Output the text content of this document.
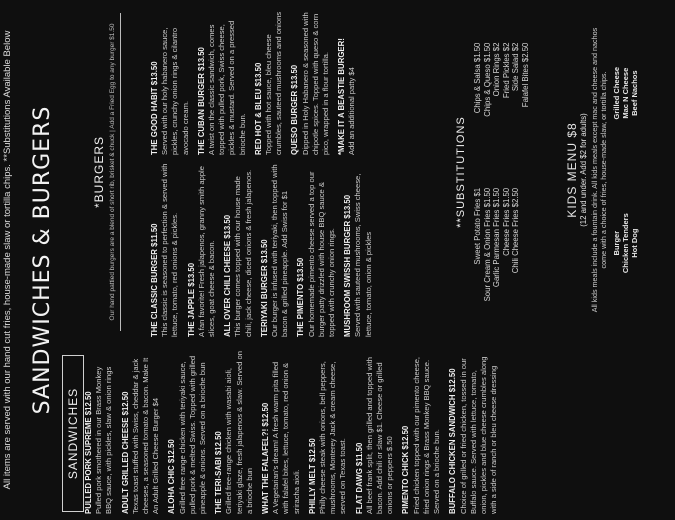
All items are served with our hand cut fries, house-made slaw or tortilla chips. **Substitutions Available Below SANDWICHES & BURGERS
SANDWICHES PULLED PORK SUPREME $12.50 Pulled pork smothered in our Brass Monkey BBQ sauce, with pickles, slaw & onion rings ADULT GRILLED CHEESE $12.50 Texas toast stuffed with Swiss, cheddar & jack cheeses, a seasoned tomato & bacon. Make It An Adult Grilled Cheese Burger $4 ALOHA CHIC $12.50 Grilled free range chicken with teriyaki sauce, pulled pork & melted Swiss. Topped with grilled pineapple & onions. Served on a brioche bun THE TERI-SABI $12.50 Grilled free-range chicken with wasabi aioli, teriyaki glaze, fresh jalapenos & slaw. Served on a brioche bun WHAT THE FALAFEL?! $12.50 A Vegetarian's dream! A fresh warm pita filled with falafel bites, lettuce, tomato, red onion & sriracha aioli. PHILLY MELT $12.50 Philly cheese steak with onions, bell peppers, mushrooms, Monterey Jack & cream cheese, served on Texas toast. FLAT DAWG $11.50 All beef frank split, then grilled and topped with bacon. Add chili or slaw $1. Cheese or grilled onions or peppers $.50 PIMENTO CHICK $12.50 Fried chicken topped with our pimento cheese, fried onion rings & Brass Monkey BBQ sauce. Served on a brioche bun. BUFFALO CHICKEN SANDWICH $12.50 Choice of grilled or fried chicken, tossed in our Buffalo sauce. Served with lettuce, tomato, onion, pickles and blue cheese crumbles along with a side of ranch or bleu cheese dressing
*BURGERS Our hand pattied burgers are a blend of short rib, brisket & chuck | Add a Fried Egg to any burger $1.50	THE CLASSIC BURGER $11.50 This classic is seasoned to perfection & served with lettuce, tomato, red onions & pickles. THE JAPPLE $13.50 A fan favorite! Fresh jalapenos, granny smith apple slices, goat cheese & bacon. ALL OVER CHILI CHEESE $13.50 This burger comes topped with our house made chili, jack cheese, diced onions & fresh jalapenos. TERIYAKI BURGER $13.50 Our burger is infused with teriyaki, then topped with bacon & grilled pineapple. Add Swiss for $1 THE PIMENTO $13.50 Our homemade pimento cheese served a top our burger patty drizzled with house BBQ sauce & topped with crunchy onion rings. MUSHROOM SWISSH BURGER $13.50 Served with sauteed mushrooms, Swiss cheese, lettuce, tomato, onion & pickles
THE GOOD HABIT $13.50 Served with our holy habanero sauce, pickles, crunchy onion rings & cilantro avocado cream. THE CUBAN BURGER $13.50 A twist on the classic sandwich, comes topped with pulled pork, Swiss cheese, pickles & mustard. Served on a pressed brioche bun. RED HOT & BLEU $13.50 Topped with hot sauce, bleu cheese crumbles, sauteed mushrooms and onions QUESO BURGER $13.50 Dipped in Holy Habanero & seasoned with chipotle spices. Topped with queso & corn pico, wrapped in a flour tortilla. *MAKE IT A BEASTIE BURGER! Add an additional patty $4
**SUBSTITUTIONS Sweet Potato Fries $1 Sour Cream & Onion Fries $1.50 Garlic Parmesan Fries $1.50 Cheese Fries $1.50 Chili Cheese Fries $2.50
Chips & Salsa $1.50 Chips & Queso $1.50 Onion Rings $2 Fried Pickles $2 Side Salad $2 Falafel Bites $2.50
KIDS MENU $8 (12 and under. Add $2 for adults) All kids meals include a fountain drink. All kids meals except mac and cheese and nachos come with a choice of fries, house-made slaw, or tortilla chips. Burger Chicken Tenders Hot Dog
Grilled Cheese Mac N Cheese Beef Nachos
